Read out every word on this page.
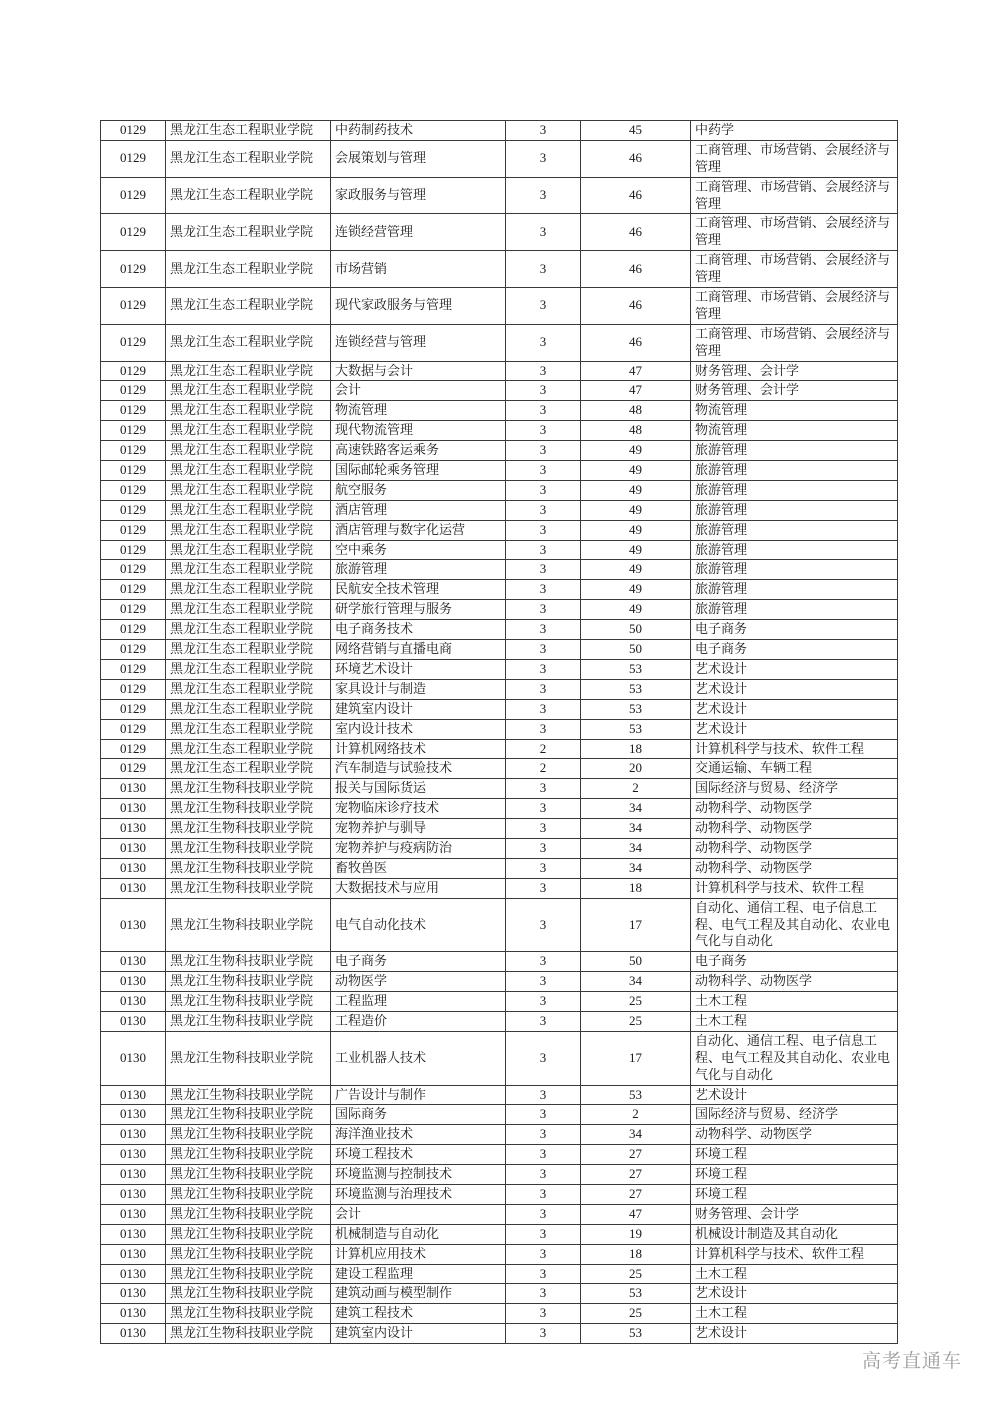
0129	黑龙江生态工程职业学院	中药制药技术	3	45	中药学
0129	黑龙江生态工程职业学院	会展策划与管理	3	46	工商管理、市场营销、会展经济与管理
0129	黑龙江生态工程职业学院	家政服务与管理	3	46	工商管理、市场营销、会展经济与管理
0129	黑龙江生态工程职业学院	连锁经营管理	3	46	工商管理、市场营销、会展经济与管理
0129	黑龙江生态工程职业学院	市场营销	3	46	工商管理、市场营销、会展经济与管理
0129	黑龙江生态工程职业学院	现代家政服务与管理	3	46	工商管理、市场营销、会展经济与管理
0129	黑龙江生态工程职业学院	连锁经营与管理	3	46	工商管理、市场营销、会展经济与管理
0129	黑龙江生态工程职业学院	大数据与会计	3	47	财务管理、会计学
0129	黑龙江生态工程职业学院	会计	3	47	财务管理、会计学
0129	黑龙江生态工程职业学院	物流管理	3	48	物流管理
0129	黑龙江生态工程职业学院	现代物流管理	3	48	物流管理
0129	黑龙江生态工程职业学院	高速铁路客运乘务	3	49	旅游管理
0129	黑龙江生态工程职业学院	国际邮轮乘务管理	3	49	旅游管理
0129	黑龙江生态工程职业学院	航空服务	3	49	旅游管理
0129	黑龙江生态工程职业学院	酒店管理	3	49	旅游管理
0129	黑龙江生态工程职业学院	酒店管理与数字化运营	3	49	旅游管理
0129	黑龙江生态工程职业学院	空中乘务	3	49	旅游管理
0129	黑龙江生态工程职业学院	旅游管理	3	49	旅游管理
0129	黑龙江生态工程职业学院	民航安全技术管理	3	49	旅游管理
0129	黑龙江生态工程职业学院	研学旅行管理与服务	3	49	旅游管理
0129	黑龙江生态工程职业学院	电子商务技术	3	50	电子商务
0129	黑龙江生态工程职业学院	网络营销与直播电商	3	50	电子商务
0129	黑龙江生态工程职业学院	环境艺术设计	3	53	艺术设计
0129	黑龙江生态工程职业学院	家具设计与制造	3	53	艺术设计
0129	黑龙江生态工程职业学院	建筑室内设计	3	53	艺术设计
0129	黑龙江生态工程职业学院	室内设计技术	3	53	艺术设计
0129	黑龙江生态工程职业学院	计算机网络技术	2	18	计算机科学与技术、软件工程
0129	黑龙江生态工程职业学院	汽车制造与试验技术	2	20	交通运输、车辆工程
0130	黑龙江生物科技职业学院	报关与国际货运	3	2	国际经济与贸易、经济学
0130	黑龙江生物科技职业学院	宠物临床诊疗技术	3	34	动物科学、动物医学
0130	黑龙江生物科技职业学院	宠物养护与驯导	3	34	动物科学、动物医学
0130	黑龙江生物科技职业学院	宠物养护与疫病防治	3	34	动物科学、动物医学
0130	黑龙江生物科技职业学院	畜牧兽医	3	34	动物科学、动物医学
0130	黑龙江生物科技职业学院	大数据技术与应用	3	18	计算机科学与技术、软件工程
0130	黑龙江生物科技职业学院	电气自动化技术	3	17	自动化、通信工程、电子信息工程、电气工程及其自动化、农业电气化与自动化
0130	黑龙江生物科技职业学院	电子商务	3	50	电子商务
0130	黑龙江生物科技职业学院	动物医学	3	34	动物科学、动物医学
0130	黑龙江生物科技职业学院	工程监理	3	25	土木工程
0130	黑龙江生物科技职业学院	工程造价	3	25	土木工程
0130	黑龙江生物科技职业学院	工业机器人技术	3	17	自动化、通信工程、电子信息工程、电气工程及其自动化、农业电气化与自动化
0130	黑龙江生物科技职业学院	广告设计与制作	3	53	艺术设计
0130	黑龙江生物科技职业学院	国际商务	3	2	国际经济与贸易、经济学
0130	黑龙江生物科技职业学院	海洋渔业技术	3	34	动物科学、动物医学
0130	黑龙江生物科技职业学院	环境工程技术	3	27	环境工程
0130	黑龙江生物科技职业学院	环境监测与控制技术	3	27	环境工程
0130	黑龙江生物科技职业学院	环境监测与治理技术	3	27	环境工程
0130	黑龙江生物科技职业学院	会计	3	47	财务管理、会计学
0130	黑龙江生物科技职业学院	机械制造与自动化	3	19	机械设计制造及其自动化
0130	黑龙江生物科技职业学院	计算机应用技术	3	18	计算机科学与技术、软件工程
0130	黑龙江生物科技职业学院	建设工程监理	3	25	土木工程
0130	黑龙江生物科技职业学院	建筑动画与模型制作	3	53	艺术设计
0130	黑龙江生物科技职业学院	建筑工程技术	3	25	土木工程
0130	黑龙江生物科技职业学院	建筑室内设计	3	53	艺术设计
高考直通车
